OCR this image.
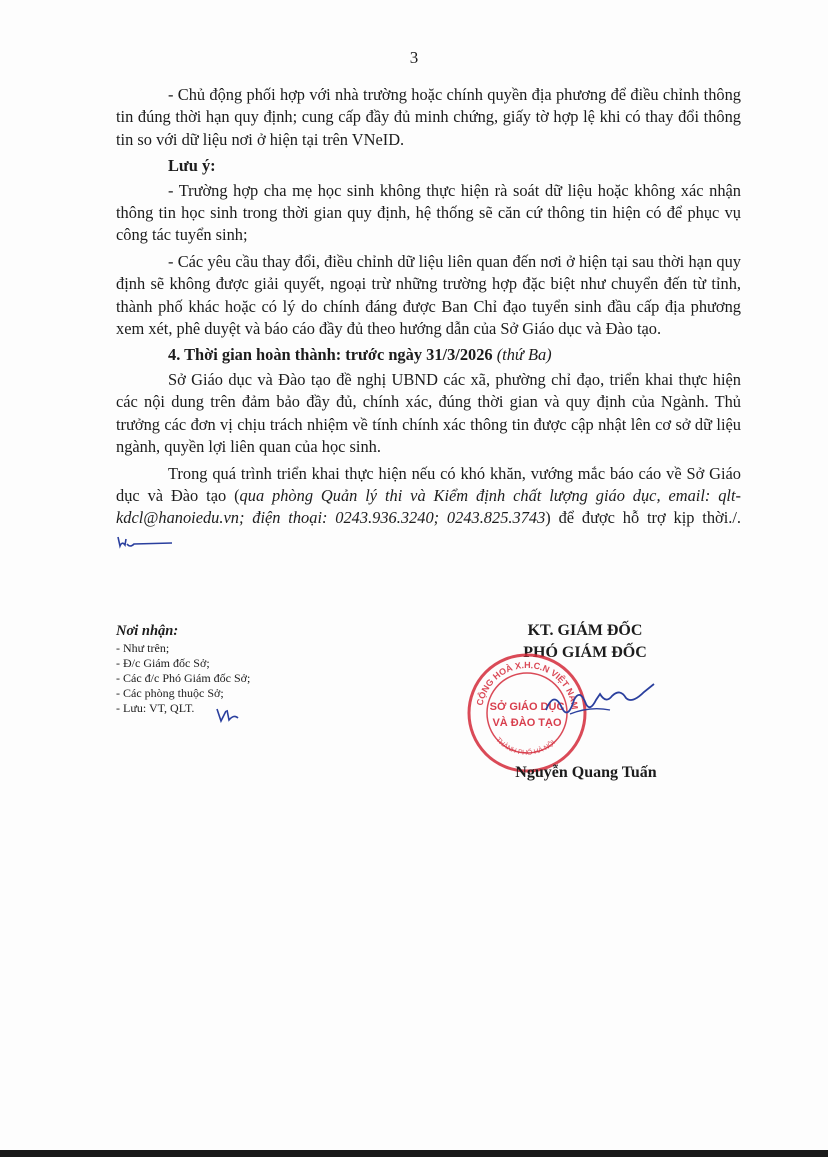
3

- Chủ động phối hợp với nhà trường hoặc chính quyền địa phương để điều chỉnh thông tin đúng thời hạn quy định; cung cấp đầy đủ minh chứng, giấy tờ hợp lệ khi có thay đổi thông tin so với dữ liệu nơi ở hiện tại trên VNeID.

Lưu ý:

- Trường hợp cha mẹ học sinh không thực hiện rà soát dữ liệu hoặc không xác nhận thông tin học sinh trong thời gian quy định, hệ thống sẽ căn cứ thông tin hiện có để phục vụ công tác tuyển sinh;

- Các yêu cầu thay đổi, điều chỉnh dữ liệu liên quan đến nơi ở hiện tại sau thời hạn quy định sẽ không được giải quyết, ngoại trừ những trường hợp đặc biệt như chuyển đến từ tỉnh, thành phố khác hoặc có lý do chính đáng được Ban Chỉ đạo tuyển sinh đầu cấp địa phương xem xét, phê duyệt và báo cáo đầy đủ theo hướng dẫn của Sở Giáo dục và Đào tạo.

4. Thời gian hoàn thành: trước ngày 31/3/2026 (thứ Ba)

Sở Giáo dục và Đào tạo đề nghị UBND các xã, phường chỉ đạo, triển khai thực hiện các nội dung trên đảm bảo đầy đủ, chính xác, đúng thời gian và quy định của Ngành. Thủ trưởng các đơn vị chịu trách nhiệm về tính chính xác thông tin được cập nhật lên cơ sở dữ liệu ngành, quyền lợi liên quan của học sinh.

Trong quá trình triển khai thực hiện nếu có khó khăn, vướng mắc báo cáo về Sở Giáo dục và Đào tạo (qua phòng Quản lý thi và Kiểm định chất lượng giáo dục, email: qlt-kdcl@hanoiedu.vn; điện thoại: 0243.936.3240; 0243.825.3743) để được hỗ trợ kịp thời./.

Nơi nhận:
- Như trên;
- Đ/c Giám đốc Sở;
- Các đ/c Phó Giám đốc Sở;
- Các phòng thuộc Sở;
- Lưu: VT, QLT.
KT. GIÁM ĐỐC
PHÓ GIÁM ĐỐC
CỘNG HOÀ X.H.C.N VIỆT NAM
THÀNH PHỐ HÀ NỘI
SỞ GIÁO DỤC
VÀ ĐÀO TẠO
Nguyễn Quang Tuấn
